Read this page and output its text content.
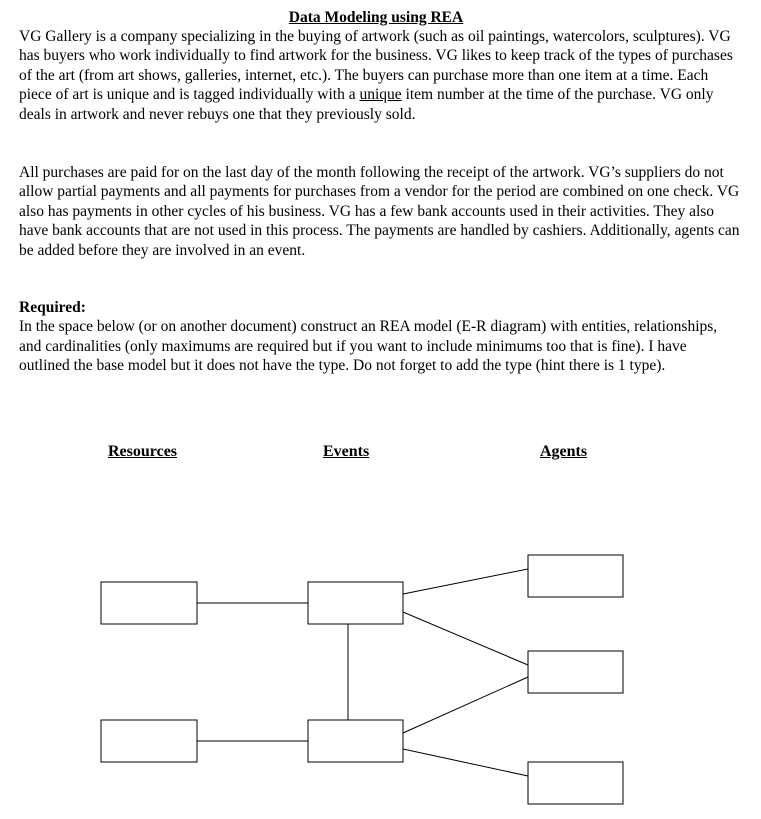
Data Modeling using REA

VG Gallery is a company specializing in the buying of artwork (such as oil paintings, watercolors, sculptures). VG has buyers who work individually to find artwork for the business. VG likes to keep track of the types of purchases of the art (from art shows, galleries, internet, etc.). The buyers can purchase more than one item at a time. Each piece of art is unique and is tagged individually with a unique item number at the time of the purchase. VG only deals in artwork and never rebuys one that they previously sold.

All purchases are paid for on the last day of the month following the receipt of the artwork. VG’s suppliers do not allow partial payments and all payments for purchases from a vendor for the period are combined on one check. VG also has payments in other cycles of his business. VG has a few bank accounts used in their activities. They also have bank accounts that are not used in this process. The payments are handled by cashiers. Additionally, agents can be added before they are involved in an event.

Required:
In the space below (or on another document) construct an REA model (E-R diagram) with entities, relationships, and cardinalities (only maximums are required but if you want to include minimums too that is fine). I have outlined the base model but it does not have the type. Do not forget to add the type (hint there is 1 type).

Resources	Events	Agents
